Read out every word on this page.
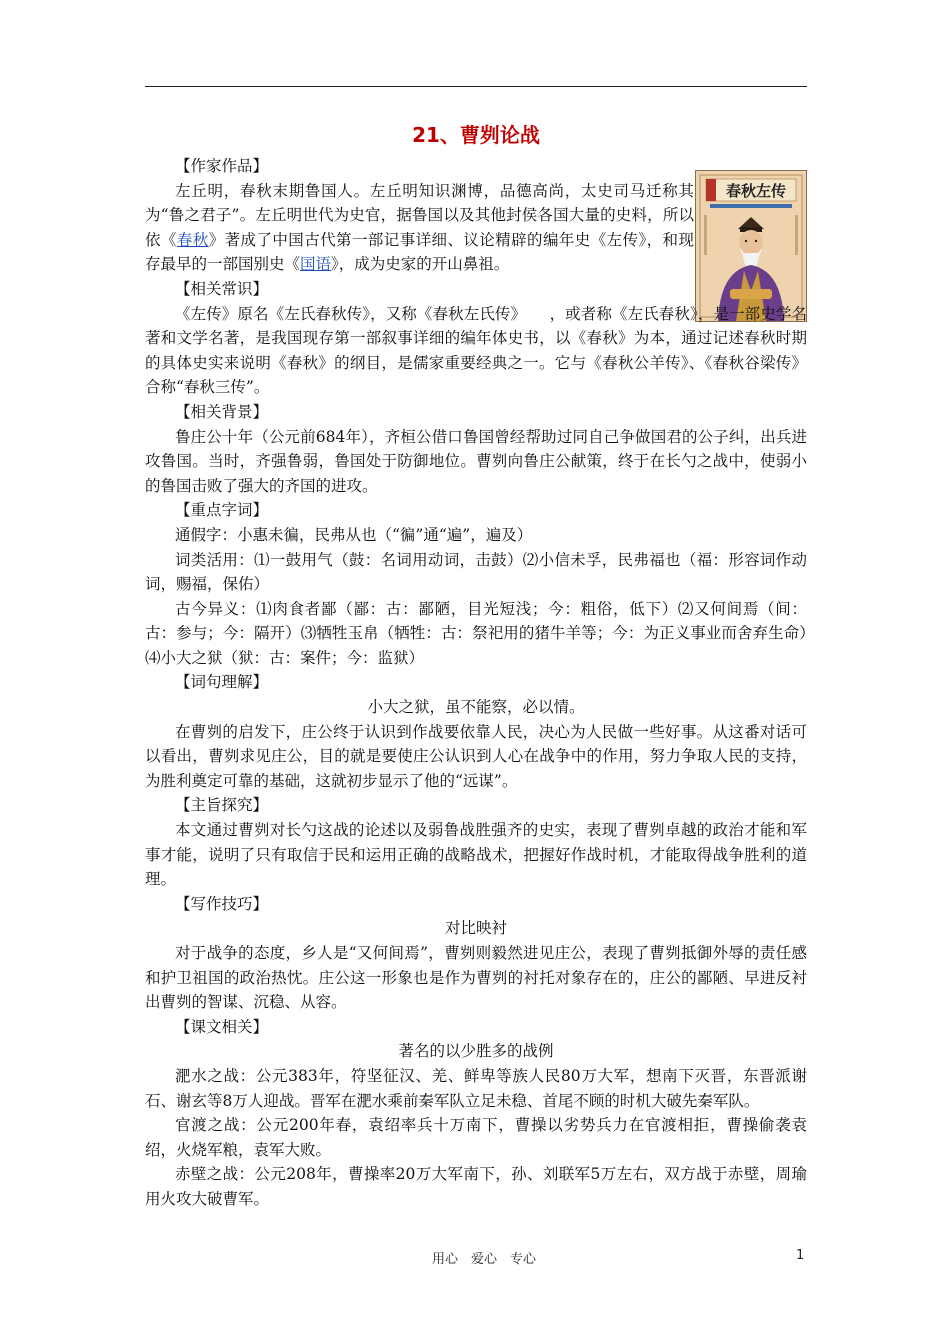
春秋左传
21、曹刿论战

【作家作品】

左丘明，春秋末期鲁国人。左丘明知识渊博，品德高尚，太史司马迁称其为“鲁之君子”。左丘明世代为史官，据鲁国以及其他封侯各国大量的史料，所以依《春秋》著成了中国古代第一部记事详细、议论精辟的编年史《左传》，和现存最早的一部国别史《国语》，成为史家的开山鼻祖。

【相关常识】

《左传》原名《左氏春秋传》，又称《春秋左氏传》　　，或者称《左氏春秋》，是一部史学名著和文学名著，是我国现存第一部叙事详细的编年体史书，以《春秋》为本，通过记述春秋时期的具体史实来说明《春秋》的纲目，是儒家重要经典之一。它与《春秋公羊传》、《春秋谷梁传》合称“春秋三传”。

【相关背景】

鲁庄公十年（公元前684年），齐桓公借口鲁国曾经帮助过同自己争做国君的公子纠，出兵进攻鲁国。当时，齐强鲁弱，鲁国处于防御地位。曹刿向鲁庄公献策，终于在长勺之战中，使弱小的鲁国击败了强大的齐国的进攻。

【重点字词】

通假字：小惠未徧，民弗从也（“徧”通“遍”，遍及）

词类活用：⑴一鼓用气（鼓：名词用动词，击鼓）⑵小信未孚，民弗福也（福：形容词作动词，赐福，保佑）

古今异义：⑴肉食者鄙（鄙：古：鄙陋，目光短浅；今：粗俗，低下）⑵又何间焉（间：古：参与；今：隔开）⑶牺牲玉帛（牺牲：古：祭祀用的猪牛羊等；今：为正义事业而舍弃生命）⑷小大之狱（狱：古：案件；今：监狱）

【词句理解】

小大之狱，虽不能察，必以情。

在曹刿的启发下，庄公终于认识到作战要依靠人民，决心为人民做一些好事。从这番对话可以看出，曹刿求见庄公，目的就是要使庄公认识到人心在战争中的作用，努力争取人民的支持，为胜利奠定可靠的基础，这就初步显示了他的“远谋”。

【主旨探究】

本文通过曹刿对长勺这战的论述以及弱鲁战胜强齐的史实，表现了曹刿卓越的政治才能和军事才能，说明了只有取信于民和运用正确的战略战术，把握好作战时机，才能取得战争胜利的道理。

【写作技巧】

对比映衬

对于战争的态度，乡人是“又何间焉”，曹刿则毅然进见庄公，表现了曹刿抵御外辱的责任感和护卫祖国的政治热忱。庄公这一形象也是作为曹刿的衬托对象存在的，庄公的鄙陋、早进反衬出曹刿的智谋、沉稳、从容。

【课文相关】

著名的以少胜多的战例

淝水之战：公元383年，符坚征汉、羌、鲜卑等族人民80万大军，想南下灭晋，东晋派谢石、谢玄等8万人迎战。晋军在淝水乘前秦军队立足未稳、首尾不顾的时机大破先秦军队。

官渡之战：公元200年春，袁绍率兵十万南下，曹操以劣势兵力在官渡相拒，曹操偷袭袁绍，火烧军粮，袁军大败。

赤壁之战：公元208年，曹操率20万大军南下，孙、刘联军5万左右，双方战于赤壁，周瑜用火攻大破曹军。

用心　爱心　专心	1
